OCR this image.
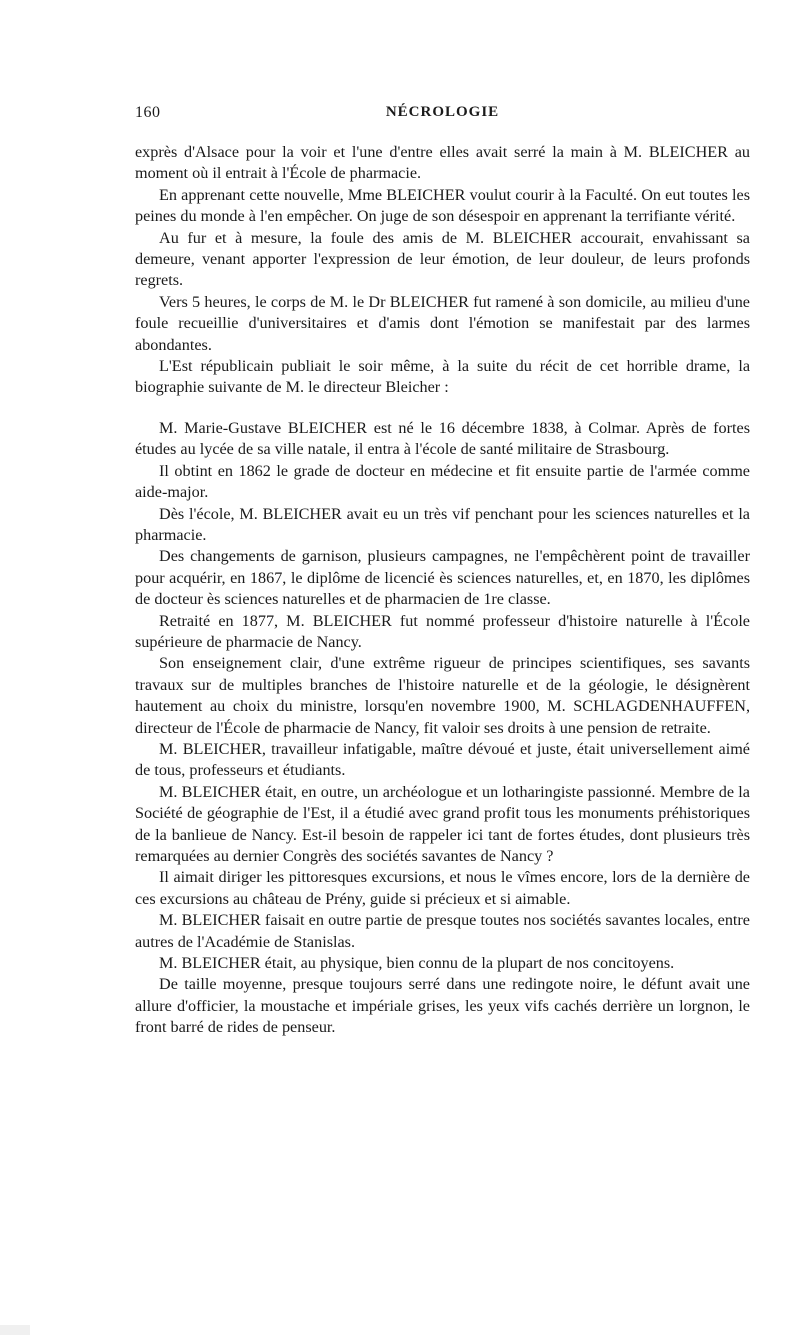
160	NÉCROLOGIE

exprès d'Alsace pour la voir et l'une d'entre elles avait serré la main à M. BLEICHER au moment où il entrait à l'École de pharmacie.

En apprenant cette nouvelle, Mme BLEICHER voulut courir à la Faculté. On eut toutes les peines du monde à l'en empêcher. On juge de son désespoir en apprenant la terrifiante vérité.

Au fur et à mesure, la foule des amis de M. BLEICHER accourait, envahissant sa demeure, venant apporter l'expression de leur émotion, de leur douleur, de leurs profonds regrets.

Vers 5 heures, le corps de M. le Dr BLEICHER fut ramené à son domicile, au milieu d'une foule recueillie d'universitaires et d'amis dont l'émotion se manifestait par des larmes abondantes.

L'Est républicain publiait le soir même, à la suite du récit de cet horrible drame, la biographie suivante de M. le directeur Bleicher :

M. Marie-Gustave BLEICHER est né le 16 décembre 1838, à Colmar. Après de fortes études au lycée de sa ville natale, il entra à l'école de santé militaire de Strasbourg.

Il obtint en 1862 le grade de docteur en médecine et fit ensuite partie de l'armée comme aide-major.

Dès l'école, M. BLEICHER avait eu un très vif penchant pour les sciences naturelles et la pharmacie.

Des changements de garnison, plusieurs campagnes, ne l'empêchèrent point de travailler pour acquérir, en 1867, le diplôme de licencié ès sciences naturelles, et, en 1870, les diplômes de docteur ès sciences naturelles et de pharmacien de 1re classe.

Retraité en 1877, M. BLEICHER fut nommé professeur d'histoire naturelle à l'École supérieure de pharmacie de Nancy.

Son enseignement clair, d'une extrême rigueur de principes scientifiques, ses savants travaux sur de multiples branches de l'histoire naturelle et de la géologie, le désignèrent hautement au choix du ministre, lorsqu'en novembre 1900, M. SCHLAGDENHAUFFEN, directeur de l'École de pharmacie de Nancy, fit valoir ses droits à une pension de retraite.

M. BLEICHER, travailleur infatigable, maître dévoué et juste, était universellement aimé de tous, professeurs et étudiants.

M. BLEICHER était, en outre, un archéologue et un lotharingiste passionné. Membre de la Société de géographie de l'Est, il a étudié avec grand profit tous les monuments préhistoriques de la banlieue de Nancy. Est-il besoin de rappeler ici tant de fortes études, dont plusieurs très remarquées au dernier Congrès des sociétés savantes de Nancy ?

Il aimait diriger les pittoresques excursions, et nous le vîmes encore, lors de la dernière de ces excursions au château de Prény, guide si précieux et si aimable.

M. BLEICHER faisait en outre partie de presque toutes nos sociétés savantes locales, entre autres de l'Académie de Stanislas.

M. BLEICHER était, au physique, bien connu de la plupart de nos concitoyens.

De taille moyenne, presque toujours serré dans une redingote noire, le défunt avait une allure d'officier, la moustache et impériale grises, les yeux vifs cachés derrière un lorgnon, le front barré de rides de penseur.
